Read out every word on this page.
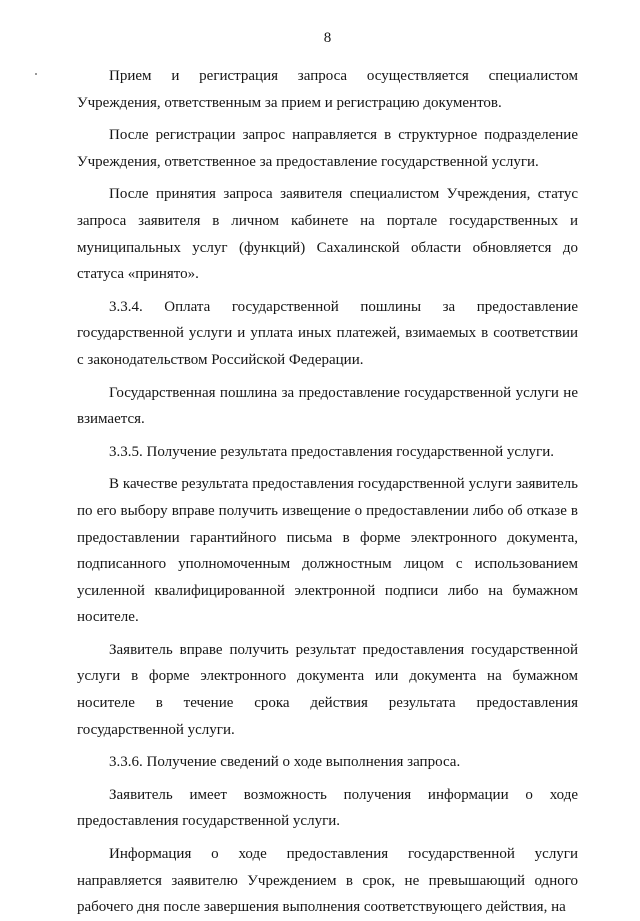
8

Прием и регистрация запроса осуществляется специалистом Учреждения, ответственным за прием и регистрацию документов.

После регистрации запрос направляется в структурное подразделение Учреждения, ответственное за предоставление государственной услуги.

После принятия запроса заявителя специалистом Учреждения, статус запроса заявителя в личном кабинете на портале государственных и муниципальных услуг (функций) Сахалинской области обновляется до статуса «принято».

3.3.4. Оплата государственной пошлины за предоставление государственной услуги и уплата иных платежей, взимаемых в соответствии с законодательством Российской Федерации.

Государственная пошлина за предоставление государственной услуги не взимается.

3.3.5. Получение результата предоставления государственной услуги.

В качестве результата предоставления государственной услуги заявитель по его выбору вправе получить извещение о предоставлении либо об отказе в предоставлении гарантийного письма в форме электронного документа, подписанного уполномоченным должностным лицом с использованием усиленной квалифицированной электронной подписи либо на бумажном носителе.

Заявитель вправе получить результат предоставления государственной услуги в форме электронного документа или документа на бумажном носителе в течение срока действия результата предоставления государственной услуги.

3.3.6. Получение сведений о ходе выполнения запроса.

Заявитель имеет возможность получения информации о ходе предоставления государственной услуги.

Информация о ходе предоставления государственной услуги направляется заявителю Учреждением в срок, не превышающий одного рабочего дня после завершения выполнения соответствующего действия, на
